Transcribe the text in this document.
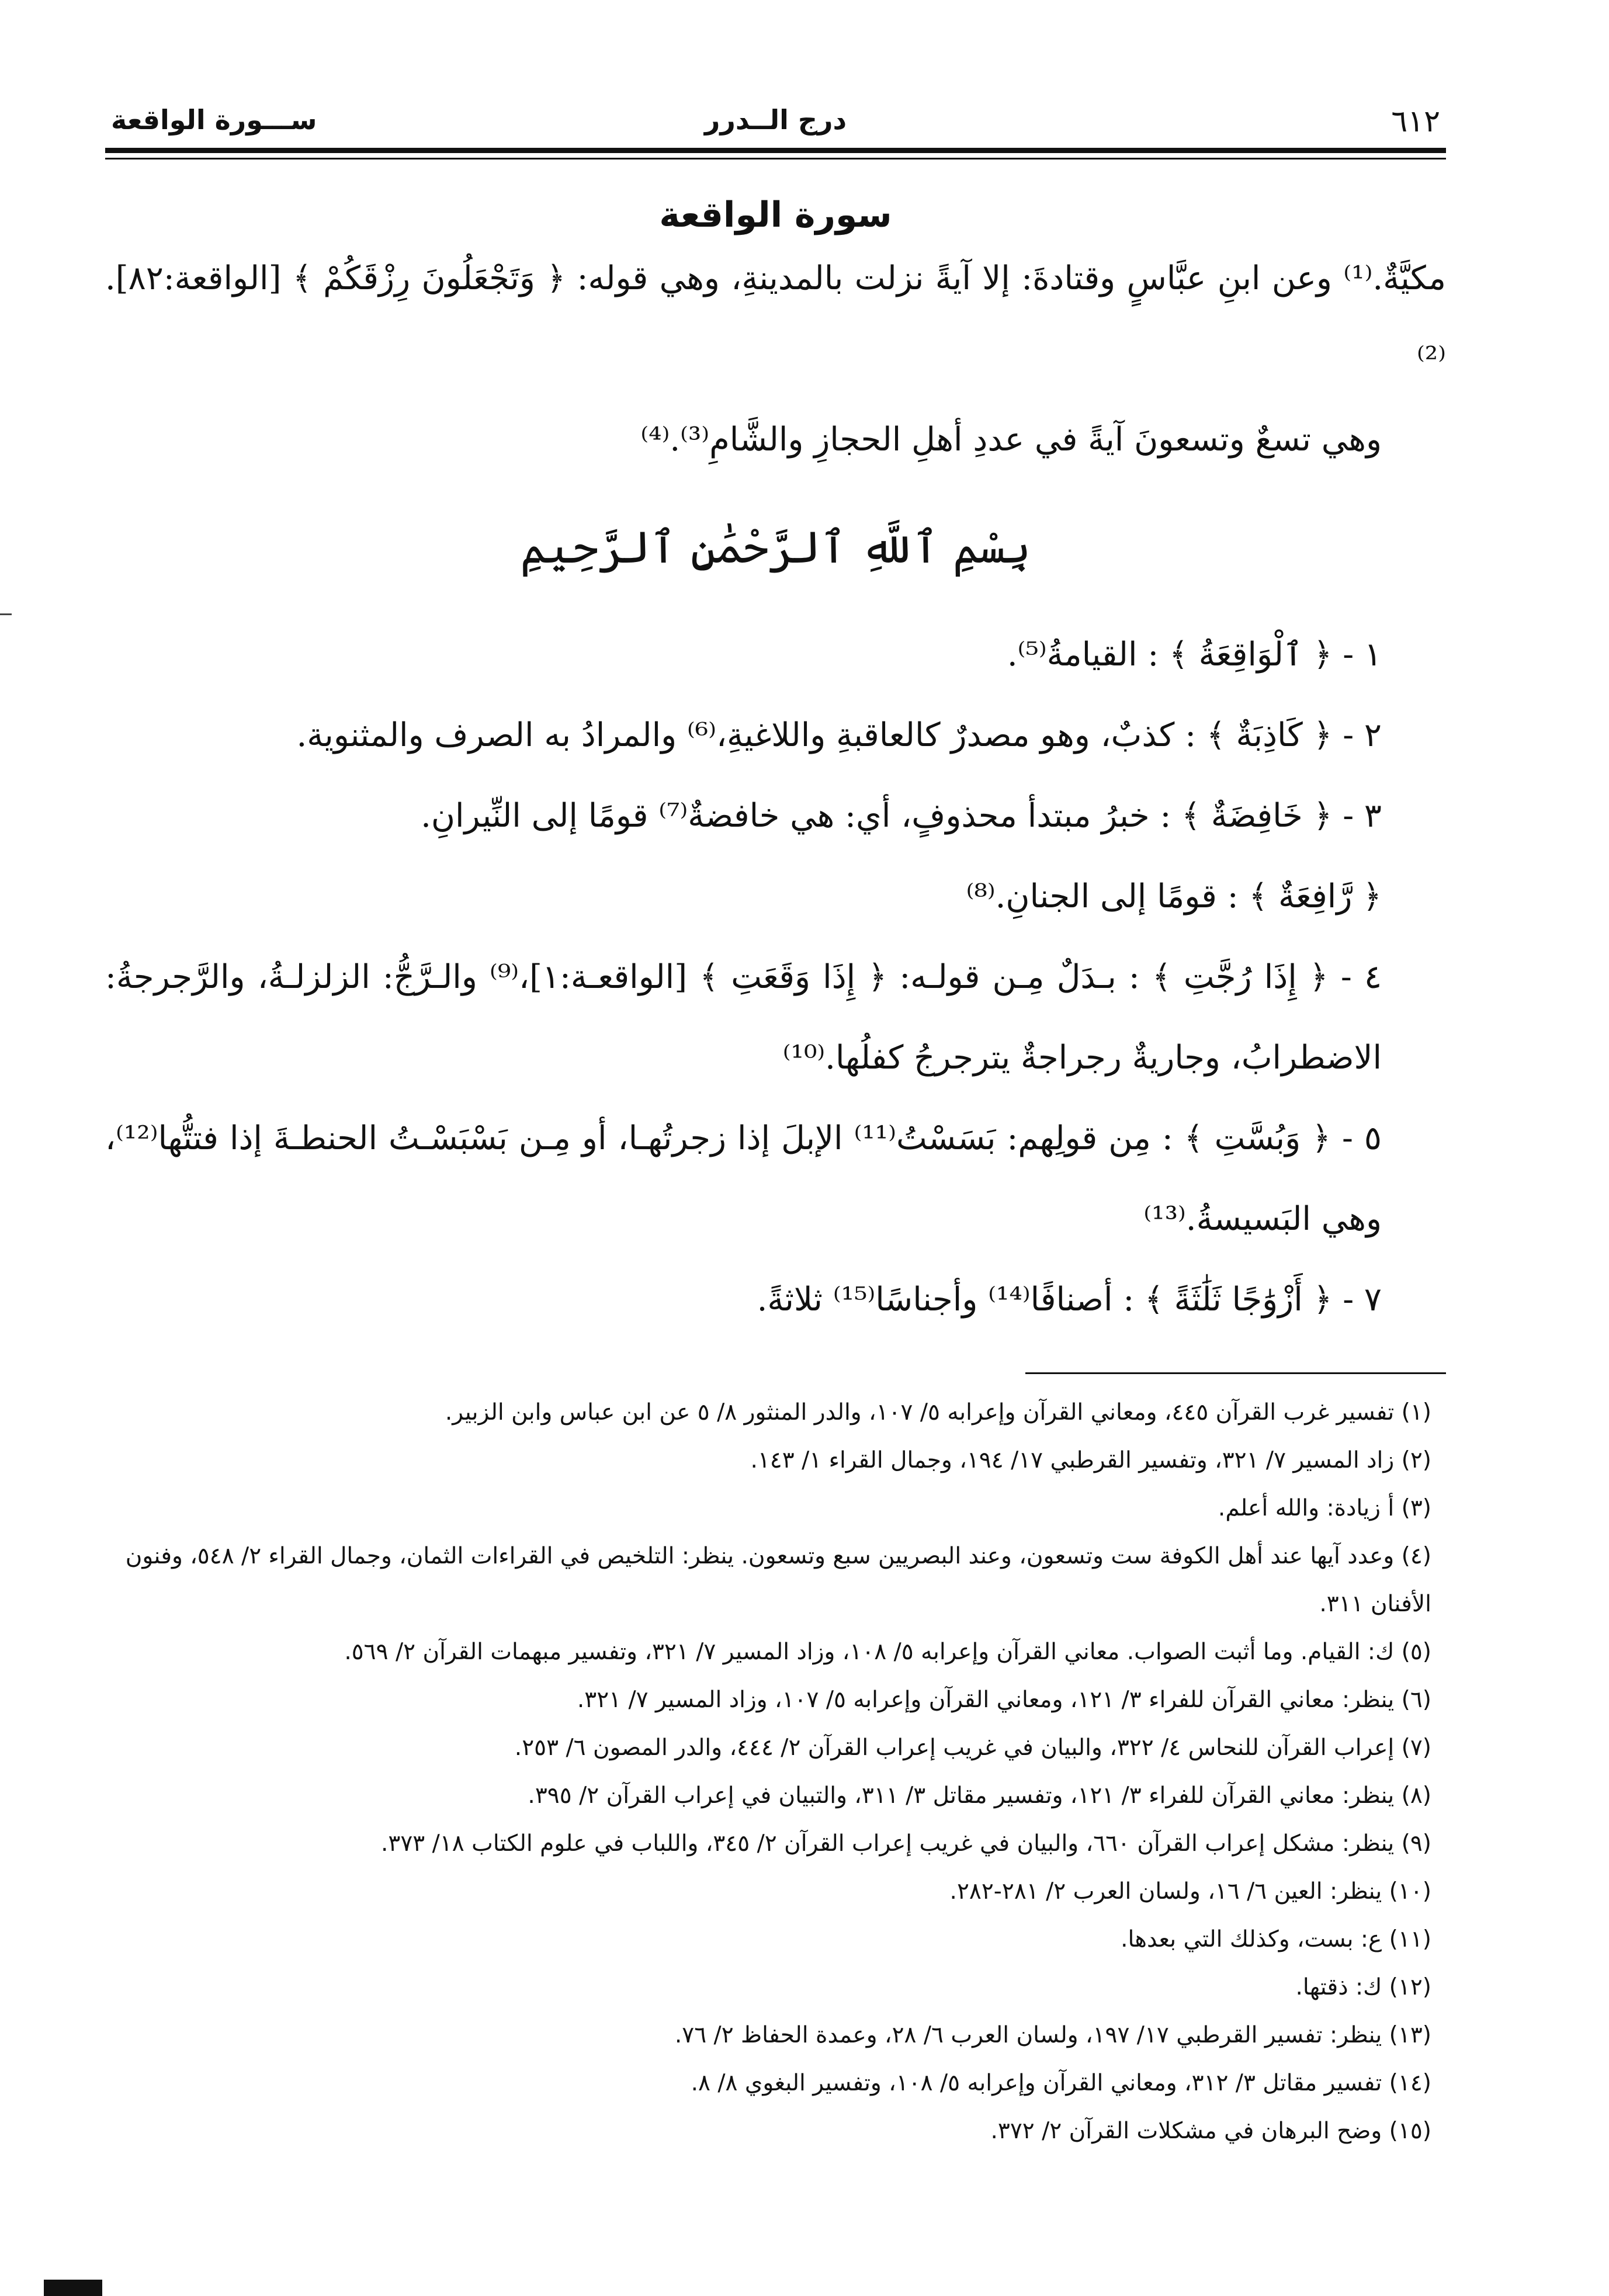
٦١٢
درج الــدرر
ســـورة الواقعة
سورة الواقعة

مكيَّةٌ.⁽¹⁾ وعن ابنِ عبَّاسٍ وقتادةَ: إلا آيةً نزلت بالمدينةِ، وهي قوله: ﴿ وَتَجْعَلُونَ رِزْقَكُمْ ﴾ [الواقعة:٨٢].⁽²⁾

وهي تسعٌ وتسعونَ آيةً في عددِ أهلِ الحجازِ والشَّامِ⁽³⁾.⁽⁴⁾

بِسْمِ ٱللَّهِ ٱلرَّحْمَٰنِ ٱلرَّحِيمِ

١ - ﴿ ٱلْوَاقِعَةُ ﴾ : القيامةُ⁽⁵⁾.

٢ - ﴿ كَاذِبَةٌ ﴾ : كذبٌ، وهو مصدرٌ كالعاقبةِ واللاغيةِ،⁽⁶⁾ والمرادُ به الصرف والمثنوية.

٣ - ﴿ خَافِضَةٌ ﴾ : خبرُ مبتدأ محذوفٍ، أي: هي خافضةٌ⁽⁷⁾ قومًا إلى النِّيرانِ.

﴿ رَّافِعَةٌ ﴾ : قومًا إلى الجنانِ.⁽⁸⁾

٤ - ﴿ إِذَا رُجَّتِ ﴾ : بـدَلٌ مِـن قولـه: ﴿ إِذَا وَقَعَتِ ﴾ [الواقعـة:١]،⁽⁹⁾ والـرَّجُّ: الزلزلـةُ، والرَّجرجةُ: الاضطرابُ، وجاريةٌ رجراجةٌ يترجرجُ كفلُها.⁽¹⁰⁾

٥ - ﴿ وَبُسَّتِ ﴾ : مِن قولِهم: بَسَسْتُ⁽¹¹⁾ الإبلَ إذا زجرتُهـا، أو مِـن بَسْبَسْـتُ الحنطـةَ إذا فتتُّها⁽¹²⁾، وهي البَسيسةُ.⁽¹³⁾

٧ - ﴿ أَزْوَٰجًا ثَلَٰثَةً ﴾ : أصنافًا⁽¹⁴⁾ وأجناسًا⁽¹⁵⁾ ثلاثةً.

(١) تفسير غرب القرآن ٤٤٥، ومعاني القرآن وإعرابه ٥/ ١٠٧، والدر المنثور ٨/ ٥ عن ابن عباس وابن الزبير.

(٢) زاد المسير ٧/ ٣٢١، وتفسير القرطبي ١٧/ ١٩٤، وجمال القراء ١/ ١٤٣.

(٣) أ زيادة: والله أعلم.

(٤) وعدد آيها عند أهل الكوفة ست وتسعون، وعند البصريين سبع وتسعون. ينظر: التلخيص في القراءات الثمان، وجمال القراء ٢/ ٥٤٨، وفنون الأفنان ٣١١.

(٥) ك: القيام. وما أثبت الصواب. معاني القرآن وإعرابه ٥/ ١٠٨، وزاد المسير ٧/ ٣٢١، وتفسير مبهمات القرآن ٢/ ٥٦٩.

(٦) ينظر: معاني القرآن للفراء ٣/ ١٢١، ومعاني القرآن وإعرابه ٥/ ١٠٧، وزاد المسير ٧/ ٣٢١.

(٧) إعراب القرآن للنحاس ٤/ ٣٢٢، والبيان في غريب إعراب القرآن ٢/ ٤٤٤، والدر المصون ٦/ ٢٥٣.

(٨) ينظر: معاني القرآن للفراء ٣/ ١٢١، وتفسير مقاتل ٣/ ٣١١، والتبيان في إعراب القرآن ٢/ ٣٩٥.

(٩) ينظر: مشكل إعراب القرآن ٦٦٠، والبيان في غريب إعراب القرآن ٢/ ٣٤٥، واللباب في علوم الكتاب ١٨/ ٣٧٣.

(١٠) ينظر: العين ٦/ ١٦، ولسان العرب ٢/ ٢٨١-٢٨٢.

(١١) ع: بست، وكذلك التي بعدها.

(١٢) ك: ذقتها.

(١٣) ينظر: تفسير القرطبي ١٧/ ١٩٧، ولسان العرب ٦/ ٢٨، وعمدة الحفاظ ٢/ ٧٦.

(١٤) تفسير مقاتل ٣/ ٣١٢، ومعاني القرآن وإعرابه ٥/ ١٠٨، وتفسير البغوي ٨/ ٨.

(١٥) وضح البرهان في مشكلات القرآن ٢/ ٣٧٢.
